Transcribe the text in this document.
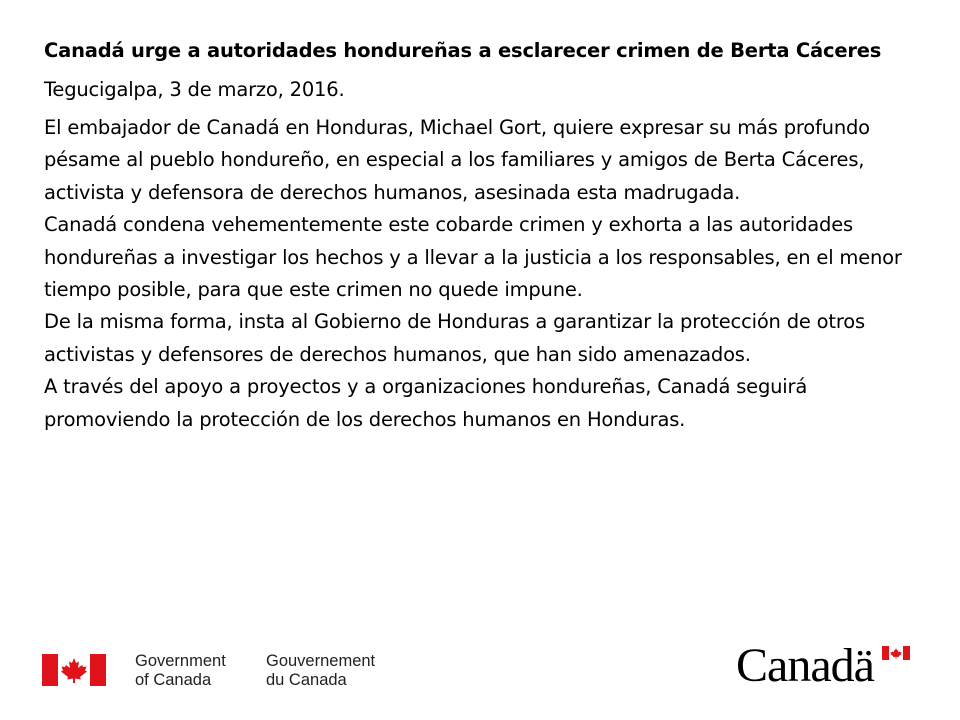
Canadá urge a autoridades hondureñas a esclarecer crimen de Berta Cáceres

Tegucigalpa, 3 de marzo, 2016.

El embajador de Canadá en Honduras, Michael Gort, quiere expresar su más profundo pésame al pueblo hondureño, en especial a los familiares y amigos de Berta Cáceres, activista y defensora de derechos humanos, asesinada esta madrugada.

Canadá condena vehementemente este cobarde crimen y exhorta a las autoridades hondureñas a investigar los hechos y a llevar a la justicia a los responsables, en el menor tiempo posible, para que este crimen no quede impune.

De la misma forma, insta al Gobierno de Honduras a garantizar la protección de otros activistas y defensores de derechos humanos, que han sido amenazados.

A través del apoyo a proyectos y a organizaciones hondureñas, Canadá seguirá promoviendo la protección de los derechos humanos en Honduras.

Government
of Canada
Gouvernement
du Canada	Canadä
